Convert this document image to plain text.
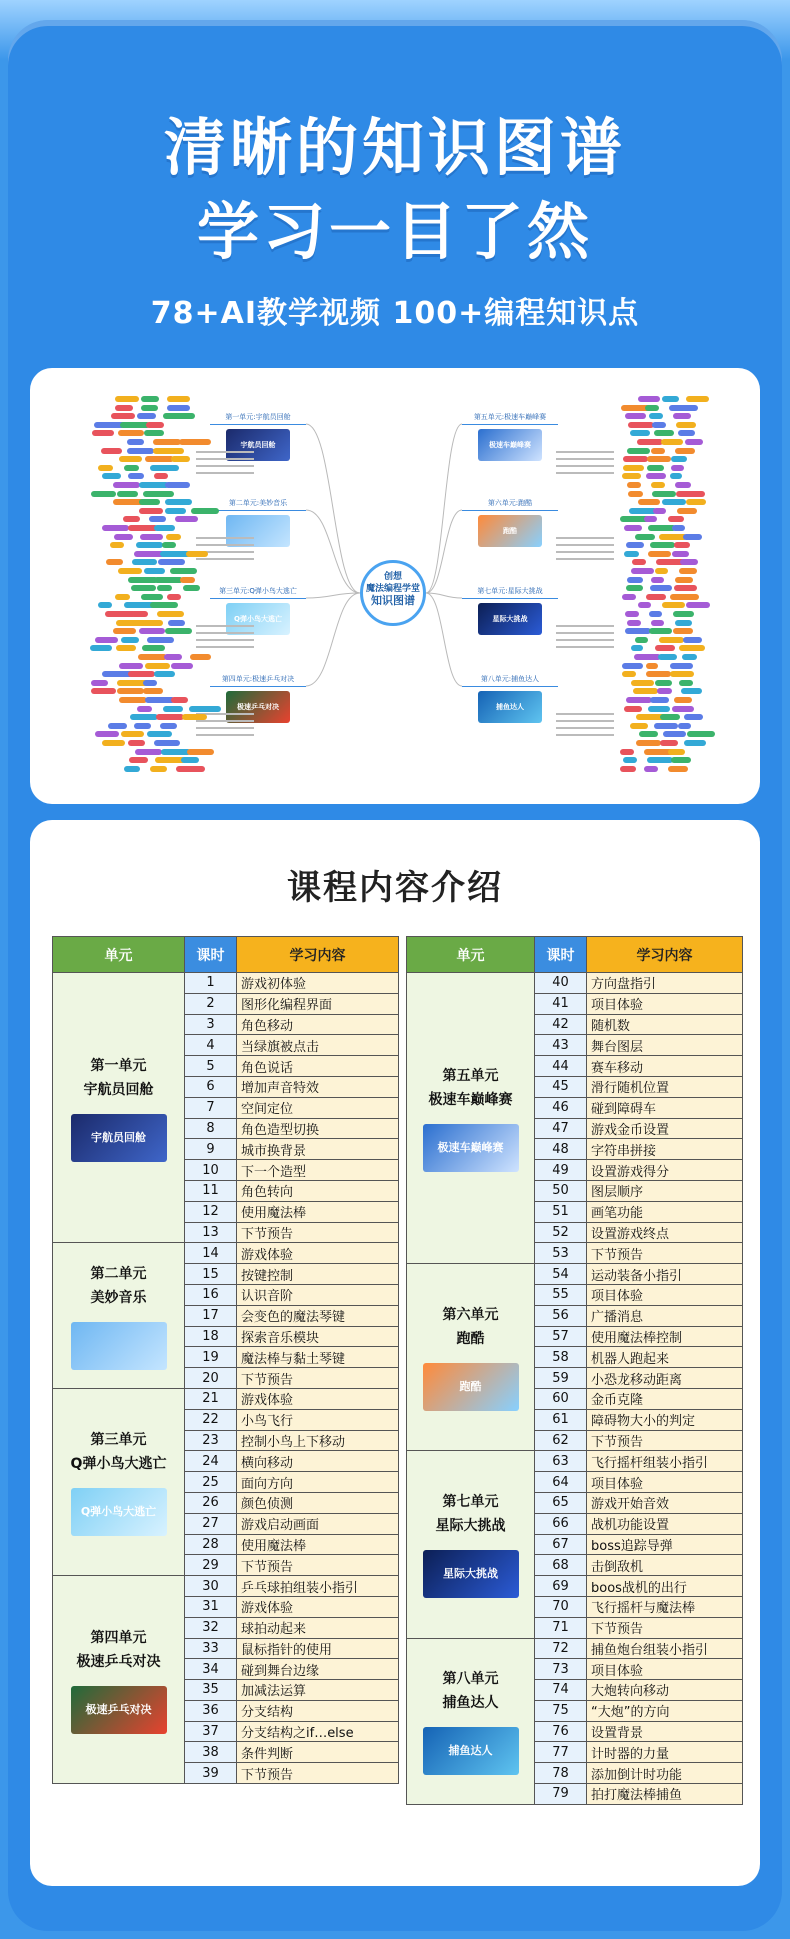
清晰的知识图谱
学习一目了然
78+AI教学视频 100+编程知识点
创想
魔法编程学堂
知识图谱
第一单元:宇航员回舱
宇航员回舱
第二单元:美妙音乐
第三单元:Q弹小鸟大逃亡
Q弹小鸟大逃亡
第四单元:极速乒乓对决
极速乒乓对决
第五单元:极速车巅峰赛
极速车巅峰赛
第六单元:跑酷
跑酷
第七单元:星际大挑战
星际大挑战
第八单元:捕鱼达人
捕鱼达人
课程内容介绍
单元	课时	学习内容

第一单元
宇航员回舱
宇航员回舱	1	游戏初体验
	2	图形化编程界面
	3	角色移动
	4	当绿旗被点击
	5	角色说话
	6	增加声音特效
	7	空间定位
	8	角色造型切换
	9	城市换背景
	10	下一个造型
	11	角色转向
	12	使用魔法棒
	13	下节预告

第二单元
美妙音乐	14	游戏体验
	15	按键控制
	16	认识音阶
	17	会变色的魔法琴键
	18	探索音乐模块
	19	魔法棒与黏土琴键
	20	下节预告

第三单元
Q弹小鸟大逃亡
Q弹小鸟大逃亡	21	游戏体验
	22	小鸟飞行
	23	控制小鸟上下移动
	24	横向移动
	25	面向方向
	26	颜色侦测
	27	游戏启动画面
	28	使用魔法棒
	29	下节预告

第四单元
极速乒乓对决
极速乒乓对决	30	乒乓球拍组装小指引
	31	游戏体验
	32	球拍动起来
	33	鼠标指针的使用
	34	碰到舞台边缘
	35	加减法运算
	36	分支结构
	37	分支结构之if…else
	38	条件判断
	39	下节预告
单元	课时	学习内容

第五单元
极速车巅峰赛
极速车巅峰赛	40	方向盘指引
	41	项目体验
	42	随机数
	43	舞台图层
	44	赛车移动
	45	滑行随机位置
	46	碰到障碍车
	47	游戏金币设置
	48	字符串拼接
	49	设置游戏得分
	50	图层顺序
	51	画笔功能
	52	设置游戏终点
	53	下节预告

第六单元
跑酷
跑酷	54	运动装备小指引
	55	项目体验
	56	广播消息
	57	使用魔法棒控制
	58	机器人跑起来
	59	小恐龙移动距离
	60	金币克隆
	61	障碍物大小的判定
	62	下节预告

第七单元
星际大挑战
星际大挑战	63	飞行摇杆组装小指引
	64	项目体验
	65	游戏开始音效
	66	战机功能设置
	67	boss追踪导弹
	68	击倒敌机
	69	boos战机的出行
	70	飞行摇杆与魔法棒
	71	下节预告

第八单元
捕鱼达人
捕鱼达人	72	捕鱼炮台组装小指引
	73	项目体验
	74	大炮转向移动
	75	“大炮”的方向
	76	设置背景
	77	计时器的力量
	78	添加倒计时功能
	79	拍打魔法棒捕鱼
